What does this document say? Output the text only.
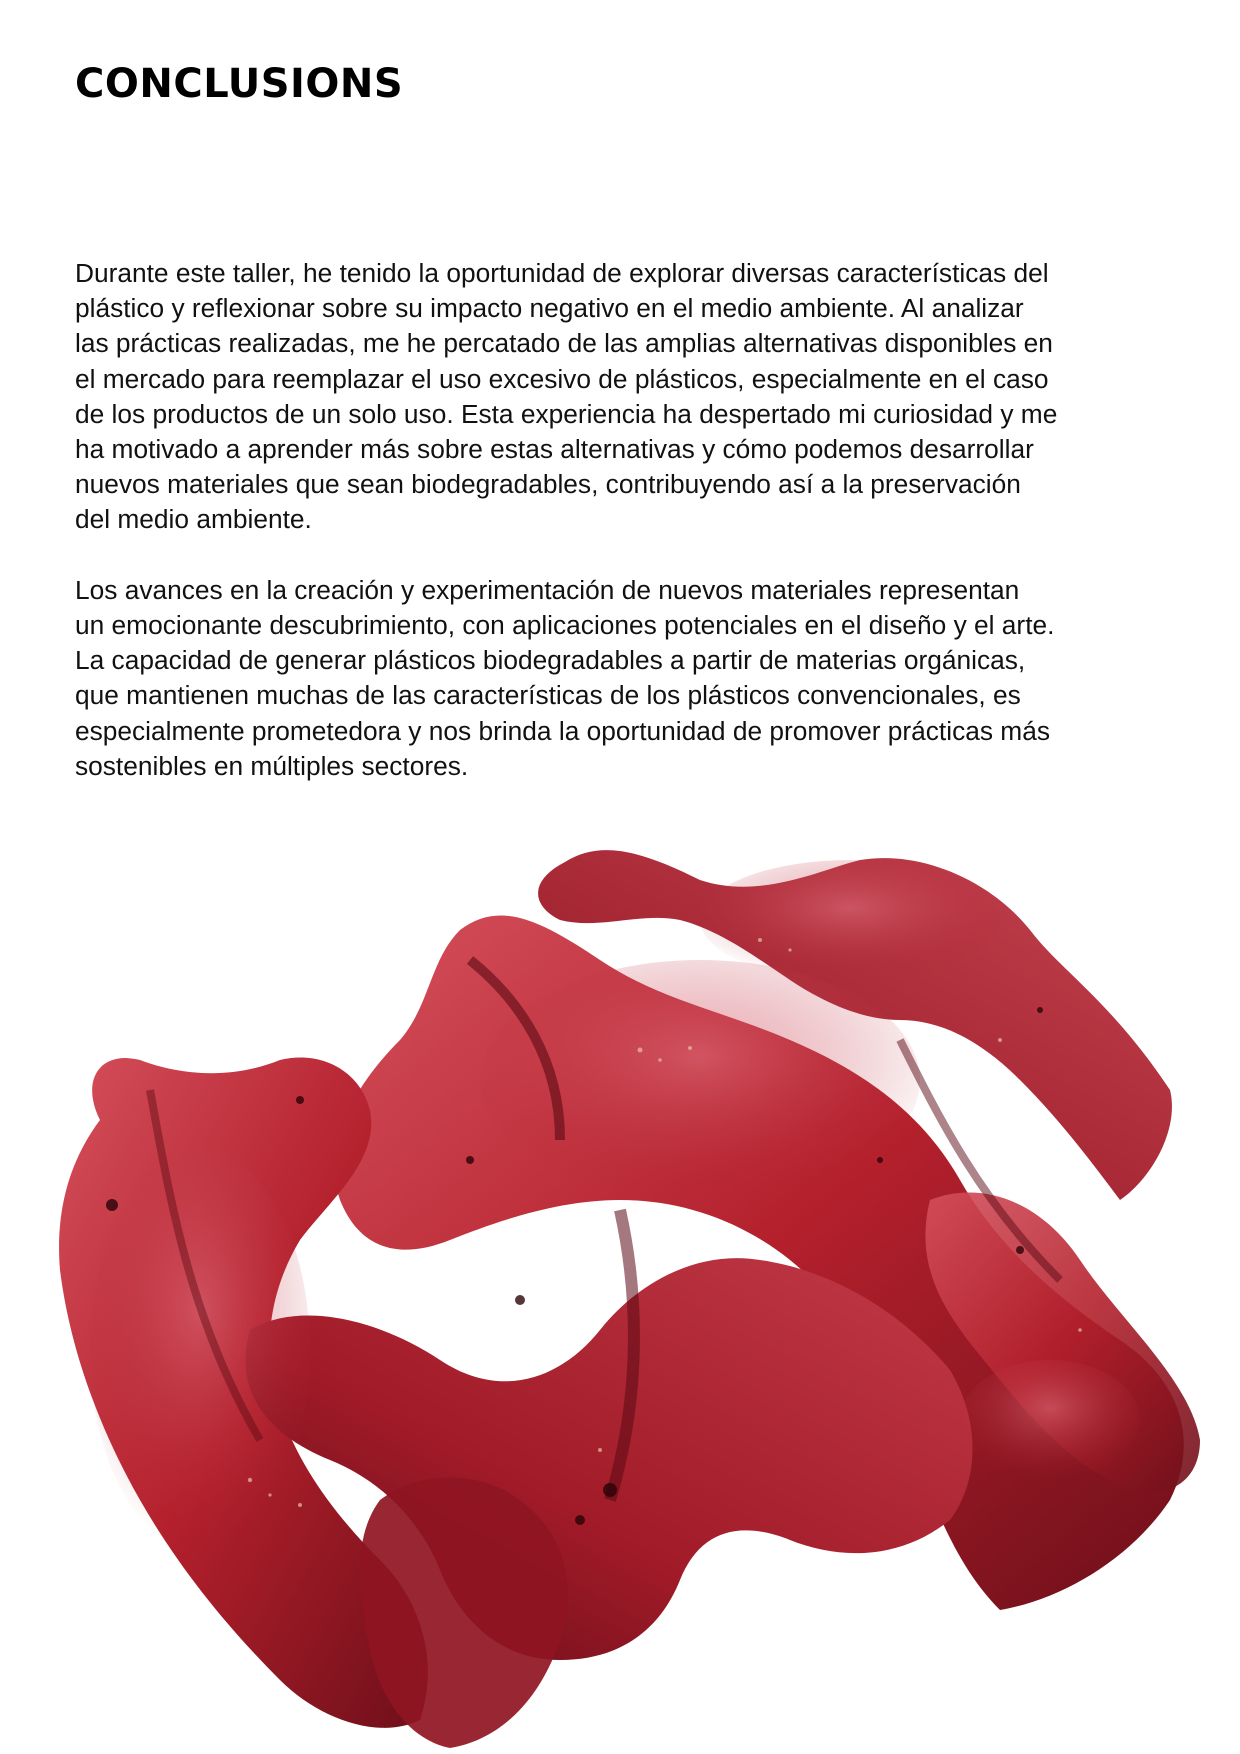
CONCLUSIONS

Durante este taller, he tenido la oportunidad de explorar diversas características del
plástico y reflexionar sobre su impacto negativo en el medio ambiente. Al analizar
las prácticas realizadas, me he percatado de las amplias alternativas disponibles en
el mercado para reemplazar el uso excesivo de plásticos, especialmente en el caso
de los productos de un solo uso. Esta experiencia ha despertado mi curiosidad y me
ha motivado a aprender más sobre estas alternativas y cómo podemos desarrollar
nuevos materiales que sean biodegradables, contribuyendo así a la preservación
del medio ambiente.

Los avances en la creación y experimentación de nuevos materiales representan
un emocionante descubrimiento, con aplicaciones potenciales en el diseño y el arte.
La capacidad de generar plásticos biodegradables a partir de materias orgánicas,
que mantienen muchas de las características de los plásticos convencionales, es
especialmente prometedora y nos brinda la oportunidad de promover prácticas más
sostenibles en múltiples sectores.
